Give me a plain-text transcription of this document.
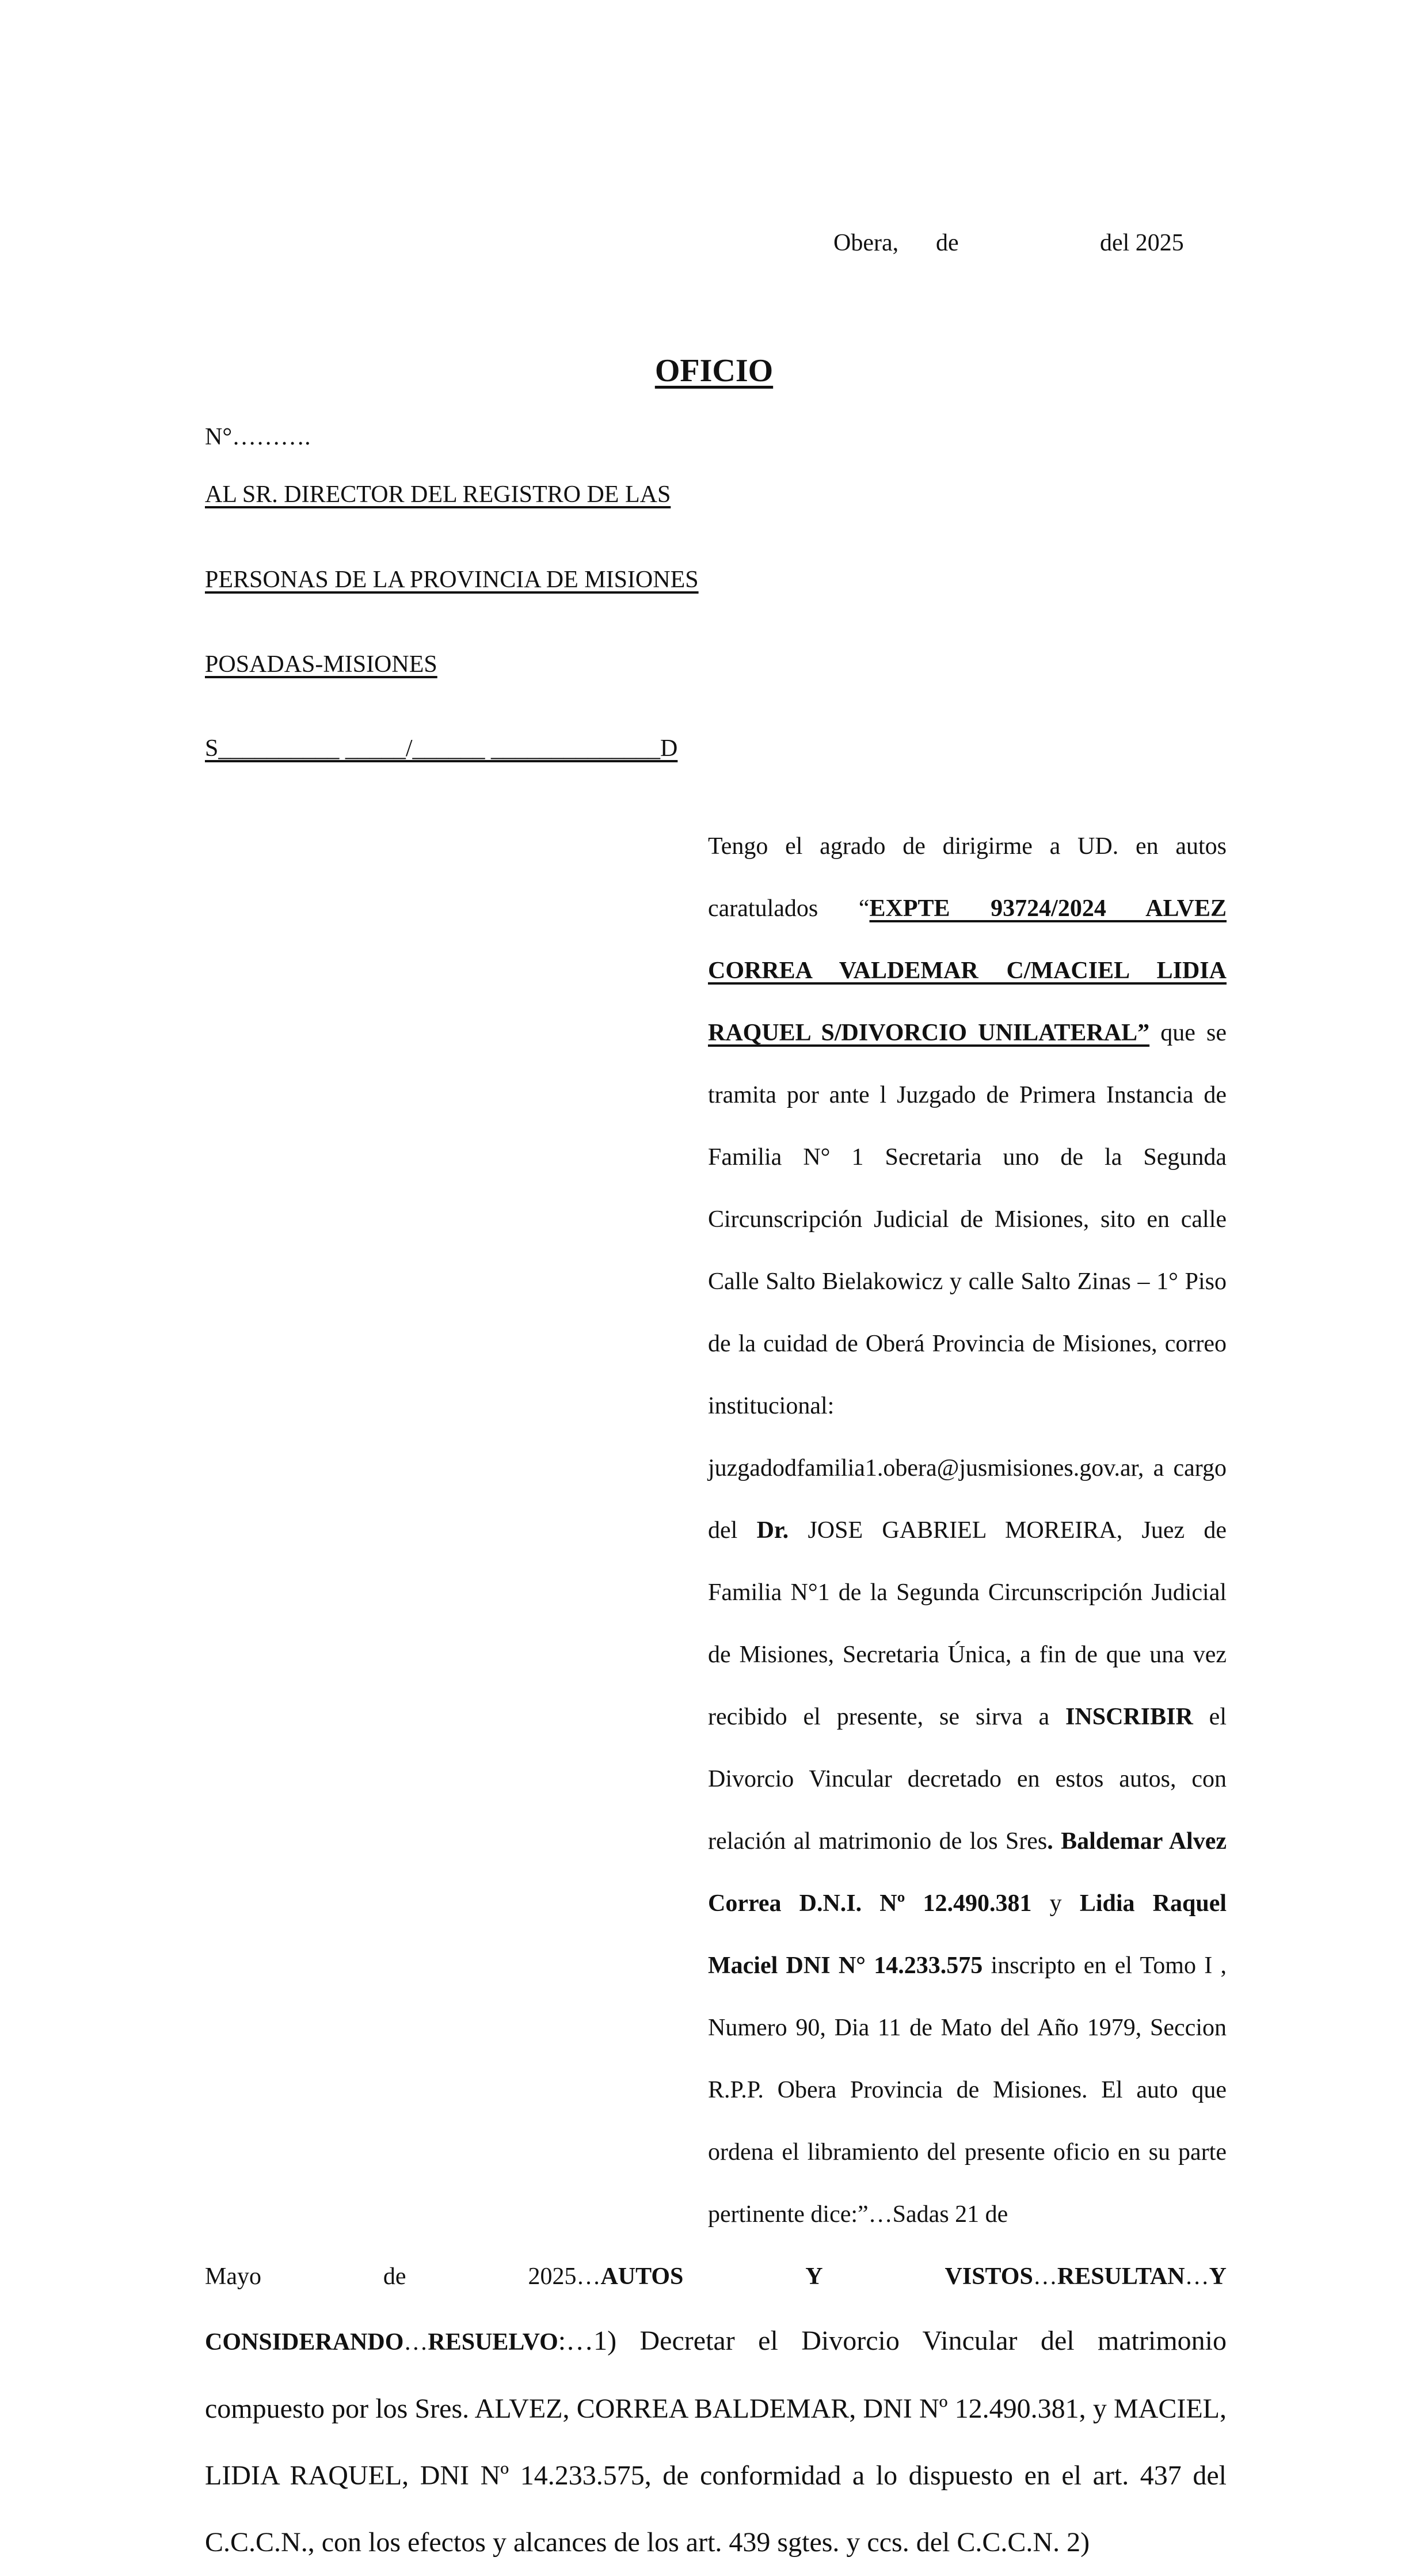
Obera, de	del 2025
OFICIO
N°……….
AL SR. DIRECTOR DEL REGISTRO DE LAS
PERSONAS DE LA PROVINCIA DE MISIONES
POSADAS-MISIONES
S__________ _____/______ ______________D

Tengo el agrado de dirigirme a UD. en autos caratulados “EXPTE 93724/2024 ALVEZ CORREA VALDEMAR C/MACIEL LIDIA RAQUEL S/DIVORCIO UNILATERAL” que se tramita por ante l Juzgado de Primera Instancia de Familia N° 1 Secretaria uno de la Segunda Circunscripción Judicial de Misiones, sito en calle Calle Salto Bielakowicz y calle Salto Zinas – 1° Piso de la cuidad de Oberá Provincia de Misiones, correo institucional: juzgadodfamilia1.obera@jusmisiones.gov.ar, a cargo del Dr. JOSE GABRIEL MOREIRA, Juez de Familia N°1 de la Segunda Circunscripción Judicial de Misiones, Secretaria Única, a fin de que una vez recibido el presente, se sirva a INSCRIBIR el Divorcio Vincular decretado en estos autos, con relación al matrimonio de los Sres. Baldemar Alvez Correa D.N.I. Nº 12.490.381 y Lidia Raquel Maciel DNI N° 14.233.575 inscripto en el Tomo I , Numero 90, Dia 11 de Mato del Año 1979, Seccion R.P.P. Obera Provincia de Misiones. El auto que ordena el libramiento del presente oficio en su parte pertinente dice:”…Sadas 21 de

Mayo	de	2025…AUTOS	Y	VISTOS…RESULTAN…Y

CONSIDERANDO…RESUELVO:…1) Decretar el Divorcio Vincular del matrimonio compuesto por los Sres. ALVEZ, CORREA BALDEMAR, DNI Nº 12.490.381, y MACIEL, LIDIA RAQUEL, DNI Nº 14.233.575, de conformidad a lo dispuesto en el art. 437 del C.C.C.N., con los efectos y alcances de los art. 439 sgtes. y ccs. del C.C.C.N. 2)
